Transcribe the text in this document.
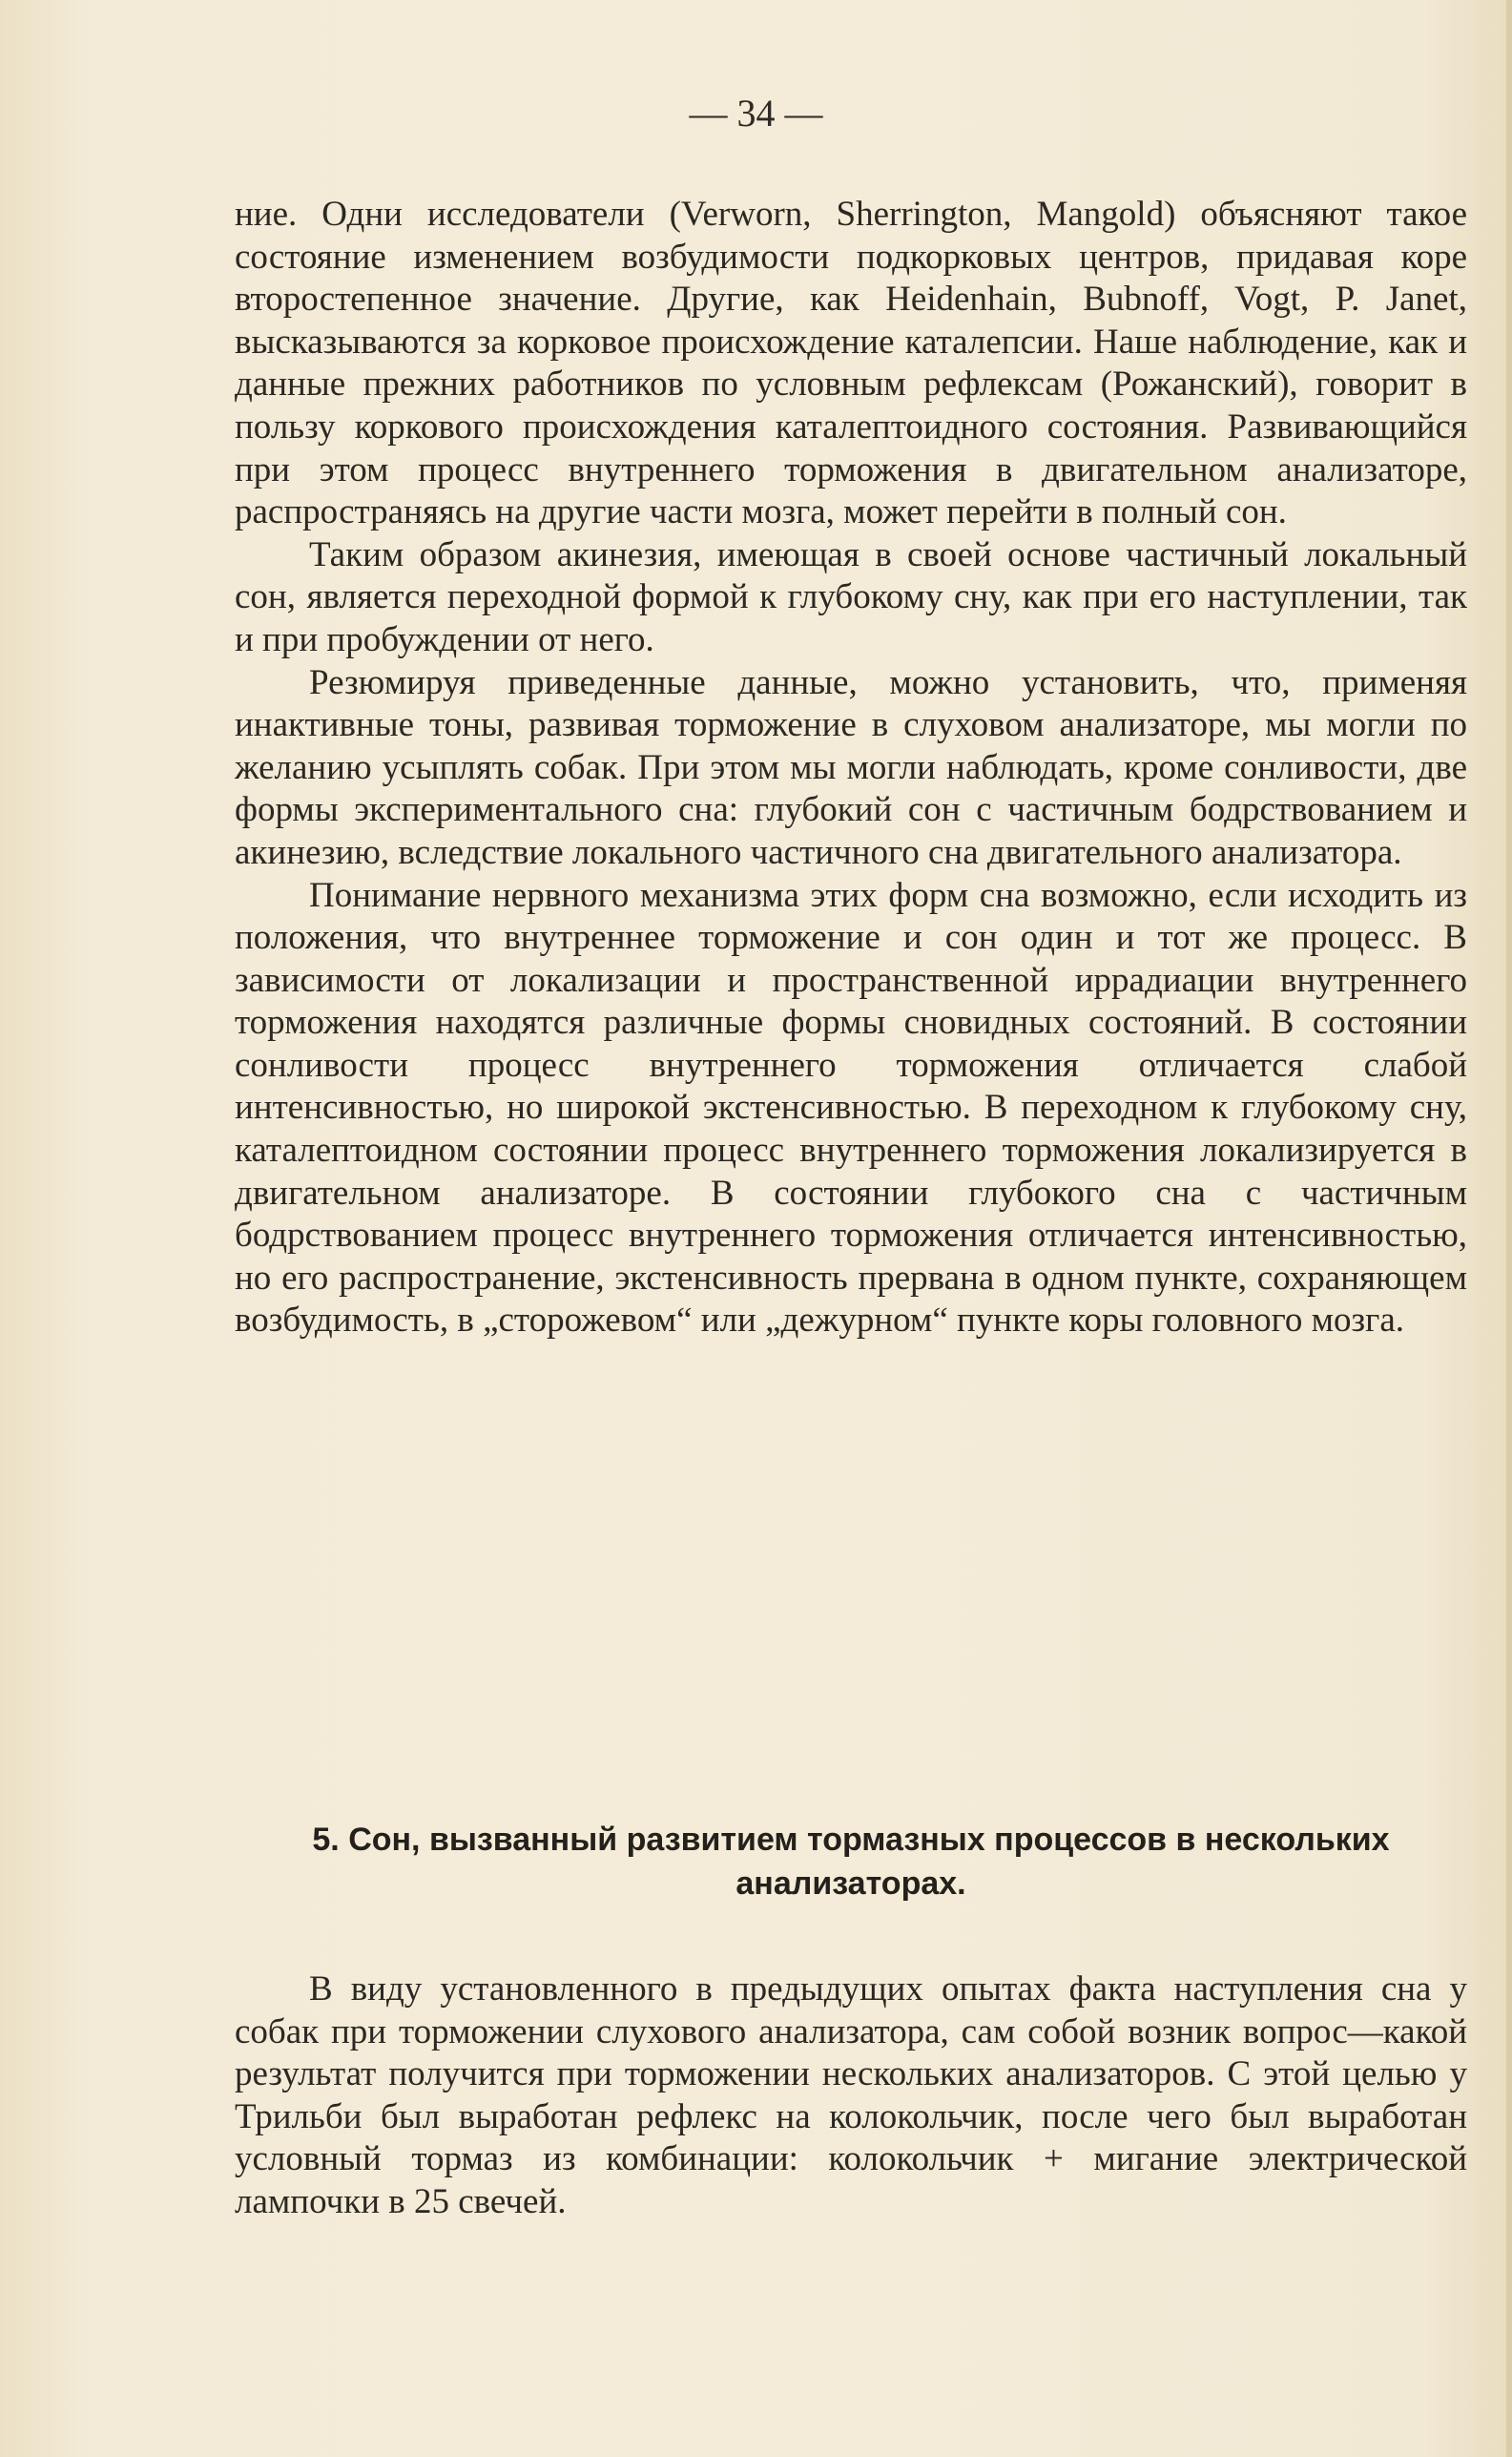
— 34 —

ние. Одни исследователи (Verworn, Sherrington, Mangold) объясняют такое состояние изменением возбудимости подкорковых центров, придавая коре второстепенное значение. Другие, как Heidenhain, Bubnoff, Vogt, P. Janet, высказываются за корковое происхождение каталепсии. Наше наблюдение, как и данные прежних работников по условным рефлексам (Рожанский), говорит в пользу коркового происхождения каталептоидного состояния. Развивающийся при этом процесс внутреннего торможения в двигательном анализаторе, распространяясь на другие части мозга, может перейти в полный сон.

Таким образом акинезия, имеющая в своей основе частичный локальный сон, является переходной формой к глубокому сну, как при его наступлении, так и при пробуждении от него.

Резюмируя приведенные данные, можно установить, что, применяя инактивные тоны, развивая торможение в слуховом анализаторе, мы могли по желанию усыплять собак. При этом мы могли наблюдать, кроме сонливости, две формы экспериментального сна: глубокий сон с частичным бодрствованием и акинезию, вследствие локального частичного сна двигательного анализатора.

Понимание нервного механизма этих форм сна возможно, если исходить из положения, что внутреннее торможение и сон один и тот же процесс. В зависимости от локализации и пространственной иррадиации внутреннего торможения находятся различные формы сновидных состояний. В состоянии сонливости процесс внутреннего торможения отличается слабой интенсивностью, но широкой экстенсивностью. В переходном к глубокому сну, каталептоидном состоянии процесс внутреннего торможения локализируется в двигательном анализаторе. В состоянии глубокого сна с частичным бодрствованием процесс внутреннего торможения отличается интенсивностью, но его распространение, экстенсивность прервана в одном пункте, сохраняющем возбудимость, в „сторожевом“ или „дежурном“ пункте коры головного мозга.

5. Сон, вызванный развитием тормазных процессов в нескольких
анализаторах.

В виду установленного в предыдущих опытах факта наступления сна у собак при торможении слухового анализатора, сам собой возник вопрос—какой результат получится при торможении нескольких анализаторов. С этой целью у Трильби был выработан рефлекс на колокольчик, после чего был выработан условный тормаз из комбинации: колокольчик + мигание электрической лампочки в 25 свечей.
